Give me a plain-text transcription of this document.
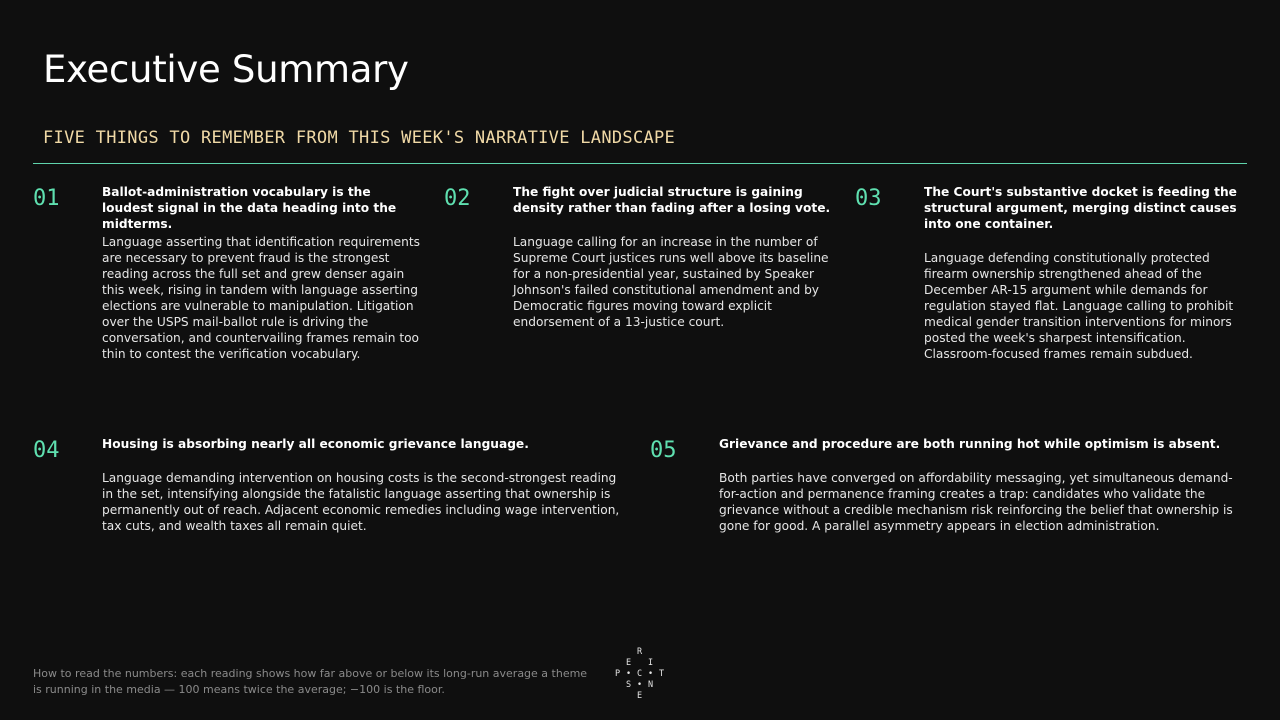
Executive Summary
FIVE THINGS TO REMEMBER FROM THIS WEEK'S NARRATIVE LANDSCAPE
01	Ballot-administration vocabulary is the loudest signal in the data heading into the midterms.
Language asserting that identification requirements are necessary to prevent fraud is the strongest reading across the full set and grew denser again this week, rising in tandem with language asserting elections are vulnerable to manipulation. Litigation over the USPS mail-ballot rule is driving the conversation, and countervailing frames remain too thin to contest the verification vocabulary.
02	The fight over judicial structure is gaining density rather than fading after a losing vote.
Language calling for an increase in the number of Supreme Court justices runs well above its baseline for a non-presidential year, sustained by Speaker Johnson's failed constitutional amendment and by Democratic figures moving toward explicit endorsement of a 13-justice court.
03	The Court's substantive docket is feeding the structural argument, merging distinct causes into one container.
Language defending constitutionally protected firearm ownership strengthened ahead of the December AR-15 argument while demands for regulation stayed flat. Language calling to prohibit medical gender transition interventions for minors posted the week's sharpest intensification. Classroom-focused frames remain subdued.
04	Housing is absorbing nearly all economic grievance language.
Language demanding intervention on housing costs is the second-strongest reading in the set, intensifying alongside the fatalistic language asserting that ownership is permanently out of reach. Adjacent economic remedies including wage intervention, tax cuts, and wealth taxes all remain quiet.
05	Grievance and procedure are both running hot while optimism is absent.
Both parties have converged on affordability messaging, yet simultaneous demand-for-action and permanence framing creates a trap: candidates who validate the grievance without a credible mechanism risk reinforcing the belief that ownership is gone for good. A parallel asymmetry appears in election administration.
How to read the numbers: each reading shows how far above or below its long-run average a theme is running in the media — 100 means twice the average; −100 is the floor.
R
E I
• C •
S N
P	T
•
E
